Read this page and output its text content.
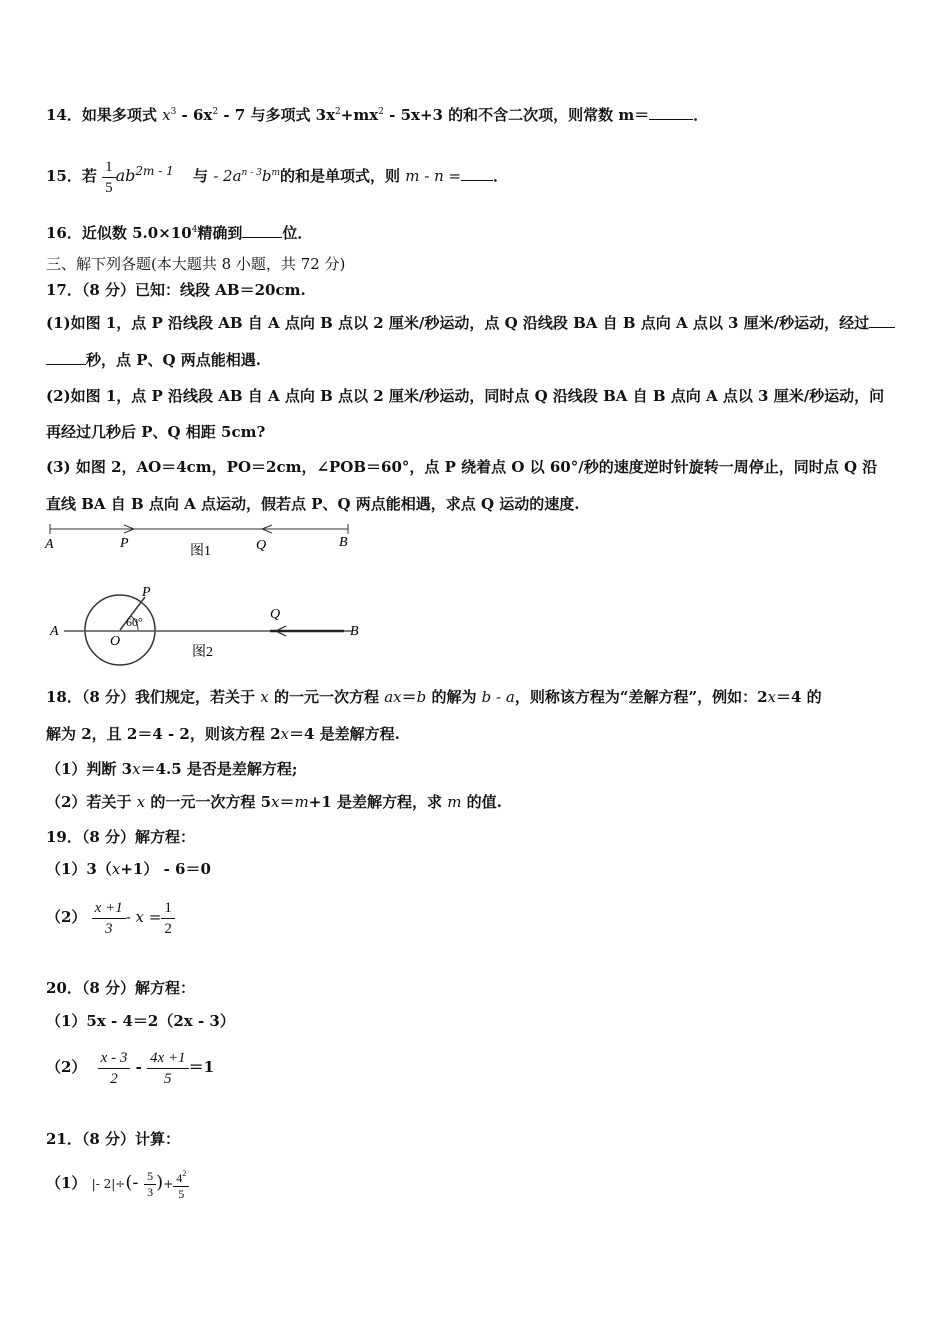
14．如果多项式 $x^3 - 6x^2 - 7$ 与多项式 $3x^2+mx^2 - 5x+3$ 的和不含二次项，则常数 m＝	．
15．若 $\frac{1}{5} ab^{2m - 1}$ 与 - $2a^{n - 3}b^m$的和是单项式，则 m - n = ．
16．近似数 $5.0\times 10^4$精确到	位．
三、解下列各题(本大题共 8 小题，共 72 分)
17．（8 分）已知：线段 AB＝20cm.
(1)如图 1，点 P 沿线段 AB 自 A 点向 B 点以 2 厘米/秒运动，点 Q 沿线段 BA 自 B 点向 A 点以 3 厘米/秒运动，经过
秒，点 P、Q 两点能相遇.
(2)如图 1，点 P 沿线段 AB 自 A 点向 B 点以 2 厘米/秒运动，同时点 Q 沿线段 BA 自 B 点向 A 点以 3 厘米/秒运动，问
再经过几秒后 P、Q 相距 5cm?
(3) 如图 2，AO＝4cm，PO＝2cm，∠POB＝60°，点 P 绕着点 O 以 60°/秒的速度逆时针旋转一周停止，同时点 Q 沿
直线 BA 自 B 点向 A 点运动，假若点 P、Q 两点能相遇，求点 Q 运动的速度.
A	P	Q	B
图1
A
O
P
60°	Q
B
图2
18．（8 分）我们规定，若关于 x 的一元一次方程 ax＝b 的解为 b - a，则称该方程为“差解方程”，例如：2x＝4 的
解为 2，且 2＝4 - 2，则该方程 2x＝4 是差解方程.
（1）判断 3x＝4.5 是否是差解方程;
（2）若关于 x 的一元一次方程 5x＝m+1 是差解方程，求 m 的值.
19．（8 分）解方程：
（1）3（x+1） - 6＝0
$(2) \frac{x +1}{3} - x = \frac{1}{2}$
20．（8 分）解方程：
（1）5x - 4＝2（2x - 3）
$(2) \frac{x - 3}{2} - \frac{4x +1}{5} =1$
21．（8 分）计算：
（1） |- $2|\div(- \frac{5}{3}$ )+ $\frac{4^2}{5}$
